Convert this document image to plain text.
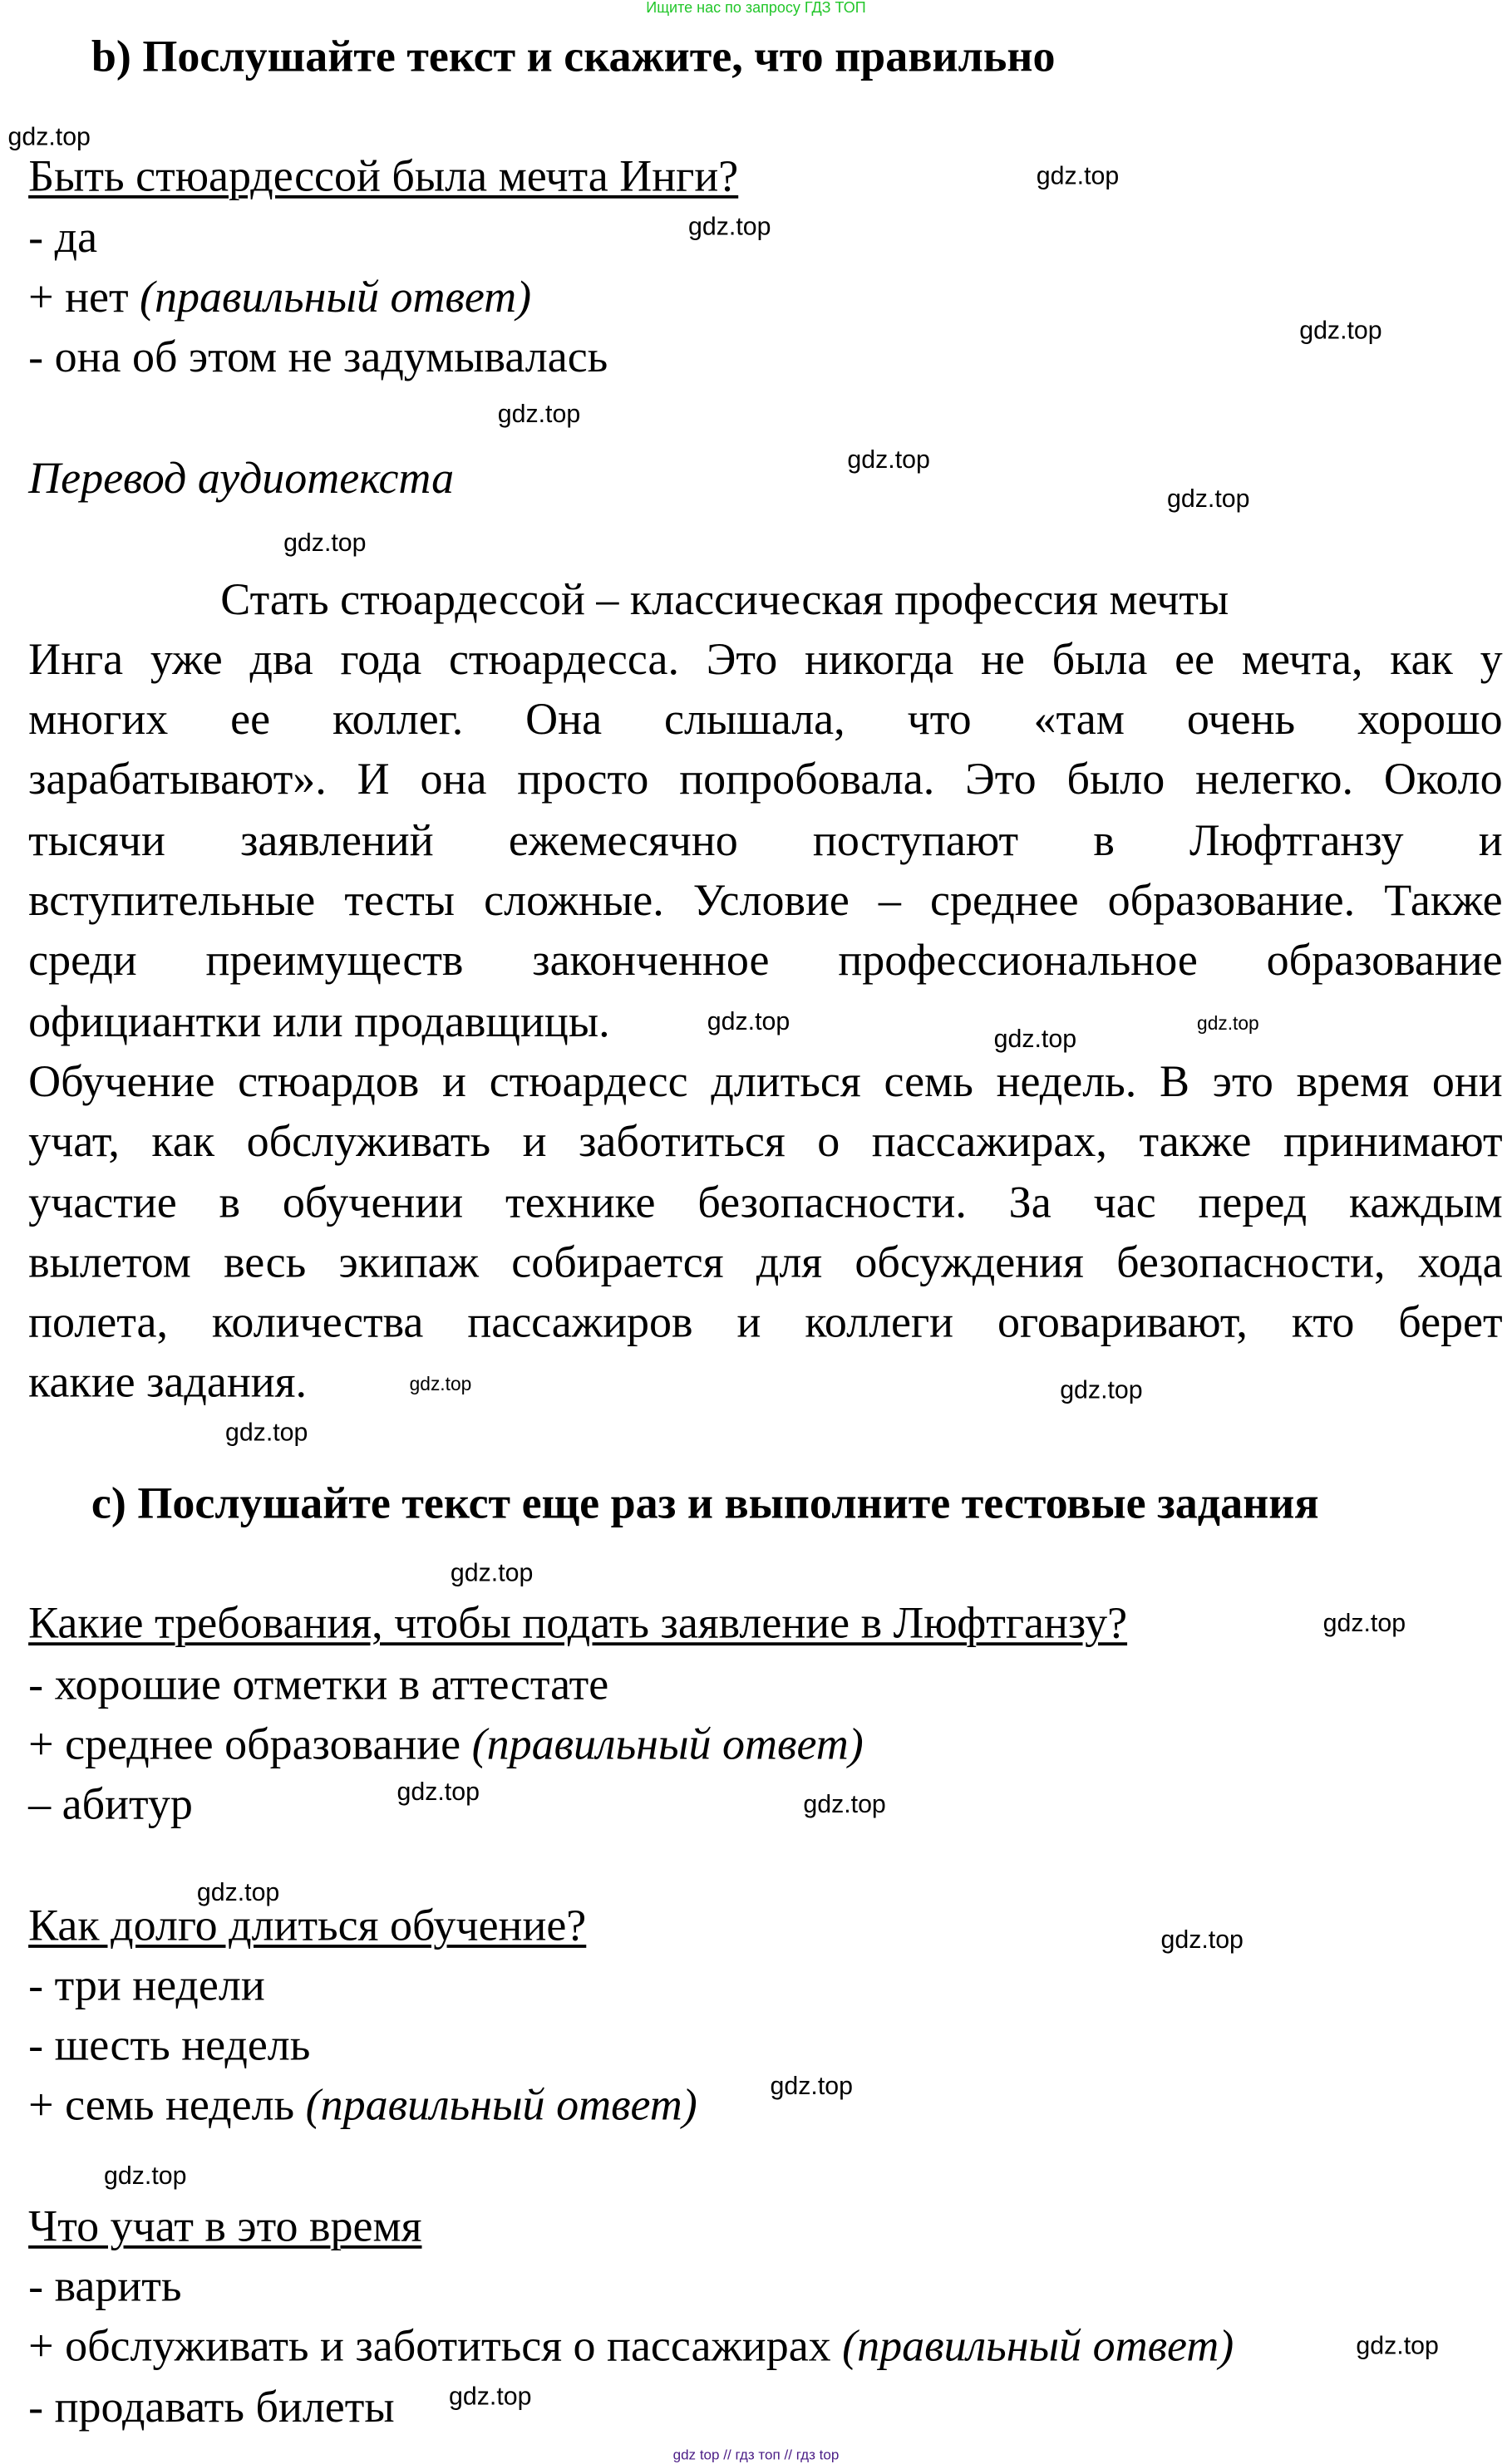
Ищите нас по запросу ГДЗ ТОП
b) Послушайте текст и скажите, что правильно
Быть стюардессой была мечта Инги?
- да
+ нет (правильный ответ)
- она об этом не задумывалась
Перевод аудиотекста
Стать стюардессой – классическая профессия мечты
Инга уже два года стюардесса. Это никогда не была ее мечта, как у
многих ее коллег. Она слышала, что «там очень хорошо
зарабатывают». И она просто попробовала. Это было нелегко. Около
тысячи заявлений ежемесячно поступают в Люфтганзу и
вступительные тесты сложные. Условие – среднее образование. Также
среди преимуществ законченное профессиональное образование
официантки или продавщицы.
Обучение стюардов и стюардесс длиться семь недель. В это время они
учат, как обслуживать и заботиться о пассажирах, также принимают
участие в обучении технике безопасности. За час перед каждым
вылетом весь экипаж собирается для обсуждения безопасности, хода
полета, количества пассажиров и коллеги оговаривают, кто берет
какие задания.
c) Послушайте текст еще раз и выполните тестовые задания
Какие требования, чтобы подать заявление в Люфтганзу?
- хорошие отметки в аттестате
+ среднее образование (правильный ответ)
– абитур
Как долго длиться обучение?
- три недели
- шесть недель
+ семь недель (правильный ответ)
Что учат в это время
- варить
+ обслуживать и заботиться о пассажирах (правильный ответ)
- продавать билеты
gdz.top
gdz.top
gdz.top
gdz.top
gdz.top
gdz.top
gdz.top
gdz.top
gdz.top
gdz.top
gdz.top
gdz.top	gdz.top
gdz.top
gdz.top
gdz.top
gdz.top
gdz.top
gdz.top
gdz.top
gdz.top
gdz.top
gdz.top
gdz.top
gdz top // гдз топ // гдз top
